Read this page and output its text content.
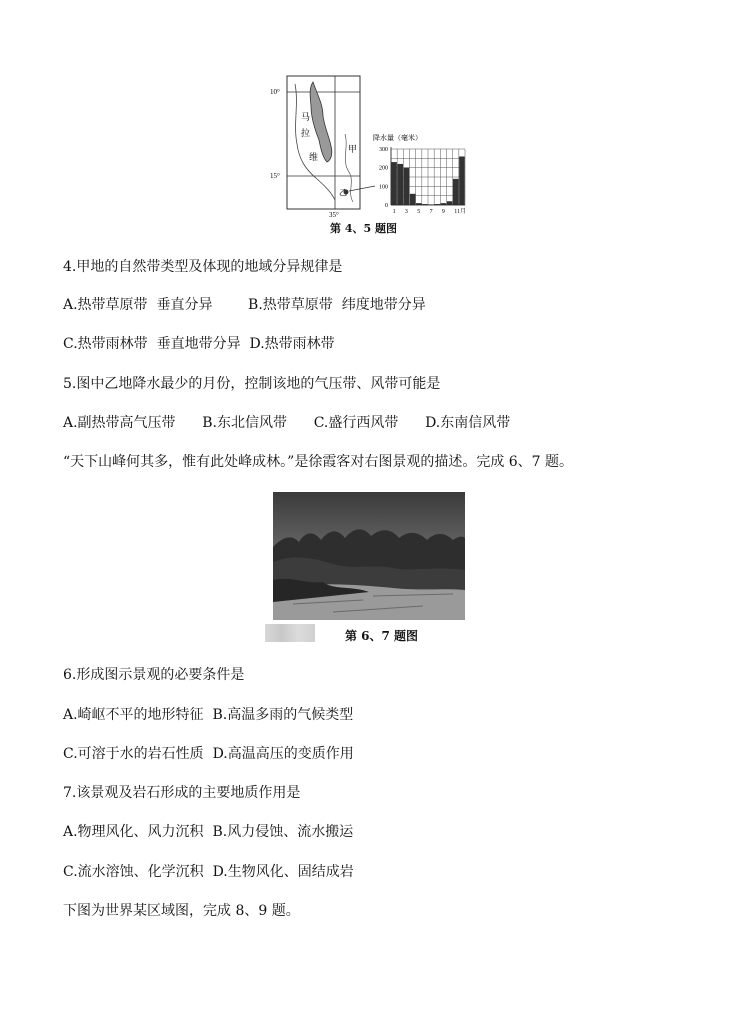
10°
15°
35°
马
拉
维
甲
乙
降水量（毫米）
300
200
100
0
1 3 5 7 9 11月
第 4、5 题图
4.甲地的自然带类型及体现的地域分异规律是
A.热带草原带  垂直分异        B.热带草原带  纬度地带分异
C.热带雨林带  垂直地带分异  D.热带雨林带
5.图中乙地降水最少的月份，控制该地的气压带、风带可能是
A.副热带高气压带      B.东北信风带      C.盛行西风带      D.东南信风带
“天下山峰何其多，惟有此处峰成林。”是徐霞客对右图景观的描述。完成 6、7 题。
第 6、7 题图
6.形成图示景观的必要条件是
A.崎岖不平的地形特征  B.高温多雨的气候类型
C.可溶于水的岩石性质  D.高温高压的变质作用
7.该景观及岩石形成的主要地质作用是
A.物理风化、风力沉积  B.风力侵蚀、流水搬运
C.流水溶蚀、化学沉积  D.生物风化、固结成岩
下图为世界某区域图，完成 8、9 题。
